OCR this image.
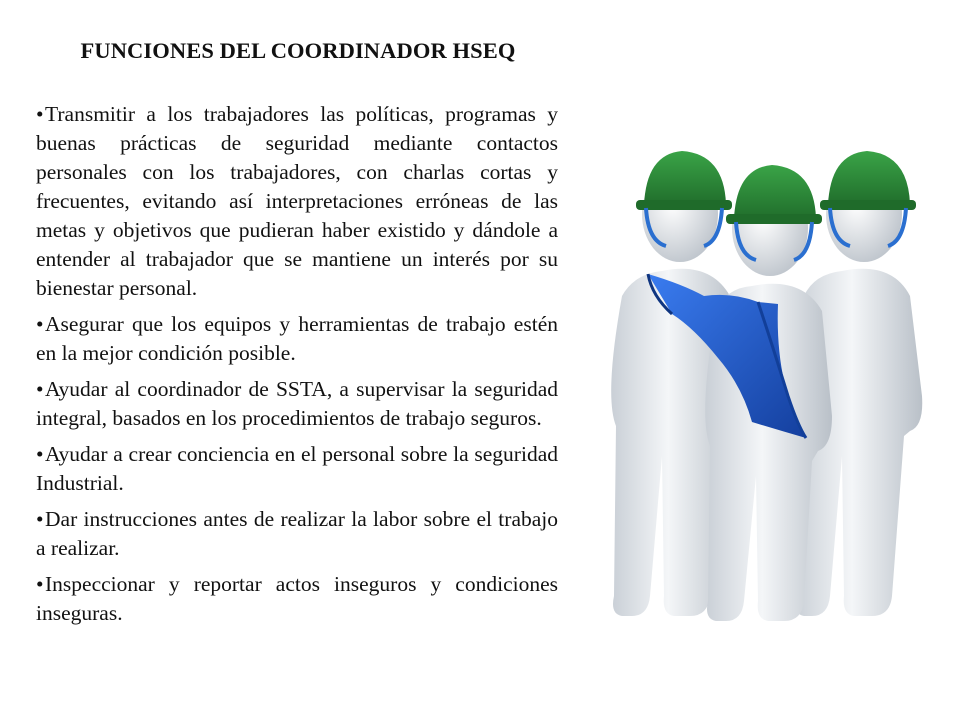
FUNCIONES DEL COORDINADOR HSEQ
•Transmitir a los trabajadores las políticas, programas y buenas prácticas de seguridad mediante contactos personales con los trabajadores, con charlas cortas y frecuentes, evitando así interpretaciones erróneas de las metas y objetivos que pudieran haber existido y dándole a entender al trabajador que se mantiene un interés por su bienestar personal.
•Asegurar que los equipos y herramientas de trabajo estén en la mejor condición posible.
•Ayudar al coordinador de SSTA, a supervisar la seguridad integral, basados en los procedimientos de trabajo seguros.
•Ayudar a crear conciencia en el personal sobre la seguridad Industrial.
•Dar instrucciones antes de realizar la labor sobre el trabajo a realizar.
•Inspeccionar y reportar actos inseguros y condiciones inseguras.
